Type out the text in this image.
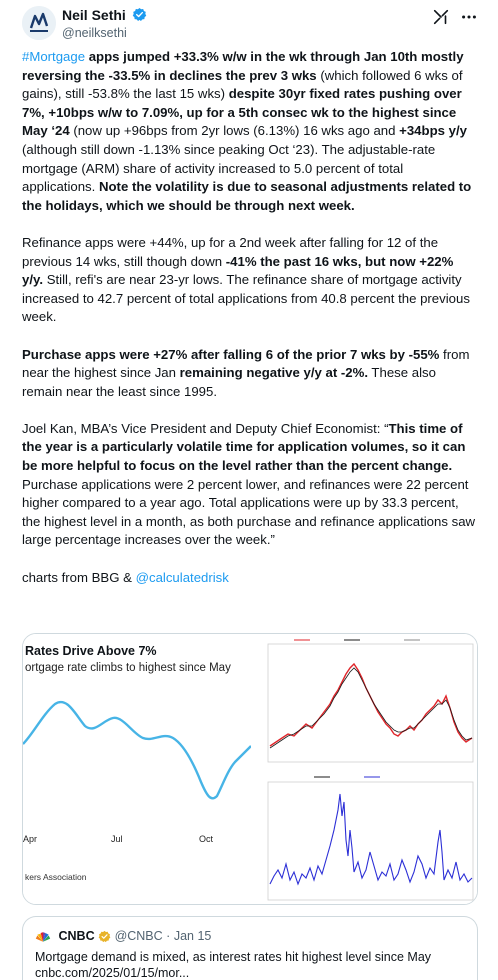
Neil Sethi
@neilksethi

#Mortgage apps jumped +33.3% w/w in the wk through Jan 10th mostly reversing the -33.5% in declines the prev 3 wks (which followed 6 wks of gains), still -53.8% the last 15 wks) despite 30yr fixed rates pushing over 7%, +10bps w/w to 7.09%, up for a 5th consec wk to the highest since May ‘24 (now up +96bps from 2yr lows (6.13%) 16 wks ago and +34bps y/y (although still down -1.13% since peaking Oct ‘23). The adjustable-rate mortgage (ARM) share of activity increased to 5.0 percent of total applications. Note the volatility is due to seasonal adjustments related to the holidays, which we should be through next week.

Refinance apps were +44%, up for a 2nd week after falling for 12 of the previous 14 wks, still though down -41% the past 16 wks, but now +22% y/y. Still, refi's are near 23-yr lows. The refinance share of mortgage activity increased to 42.7 percent of total applications from 40.8 percent the previous week.

Purchase apps were +27% after falling 6 of the prior 7 wks by -55% from near the highest since Jan remaining negative y/y at -2%. These also remain near the least since 1995.

Joel Kan, MBA’s Vice President and Deputy Chief Economist: “This time of the year is a particularly volatile time for application volumes, so it can be more helpful to focus on the level rather than the percent change. Purchase applications were 2 percent lower, and refinances were 22 percent higher compared to a year ago. Total applications were up by 33.3 percent, the highest level in a month, as both purchase and refinance applications saw large percentage increases over the week.”

charts from BBG & @calculatedrisk

Rates Drive Above 7%
ortgage rate climbs to highest since May
Apr	Jul	Oct
kers Association
CNBC @CNBC · Jan 15
Mortgage demand is mixed, as interest rates hit highest level since May
cnbc.com/2025/01/15/mor...
